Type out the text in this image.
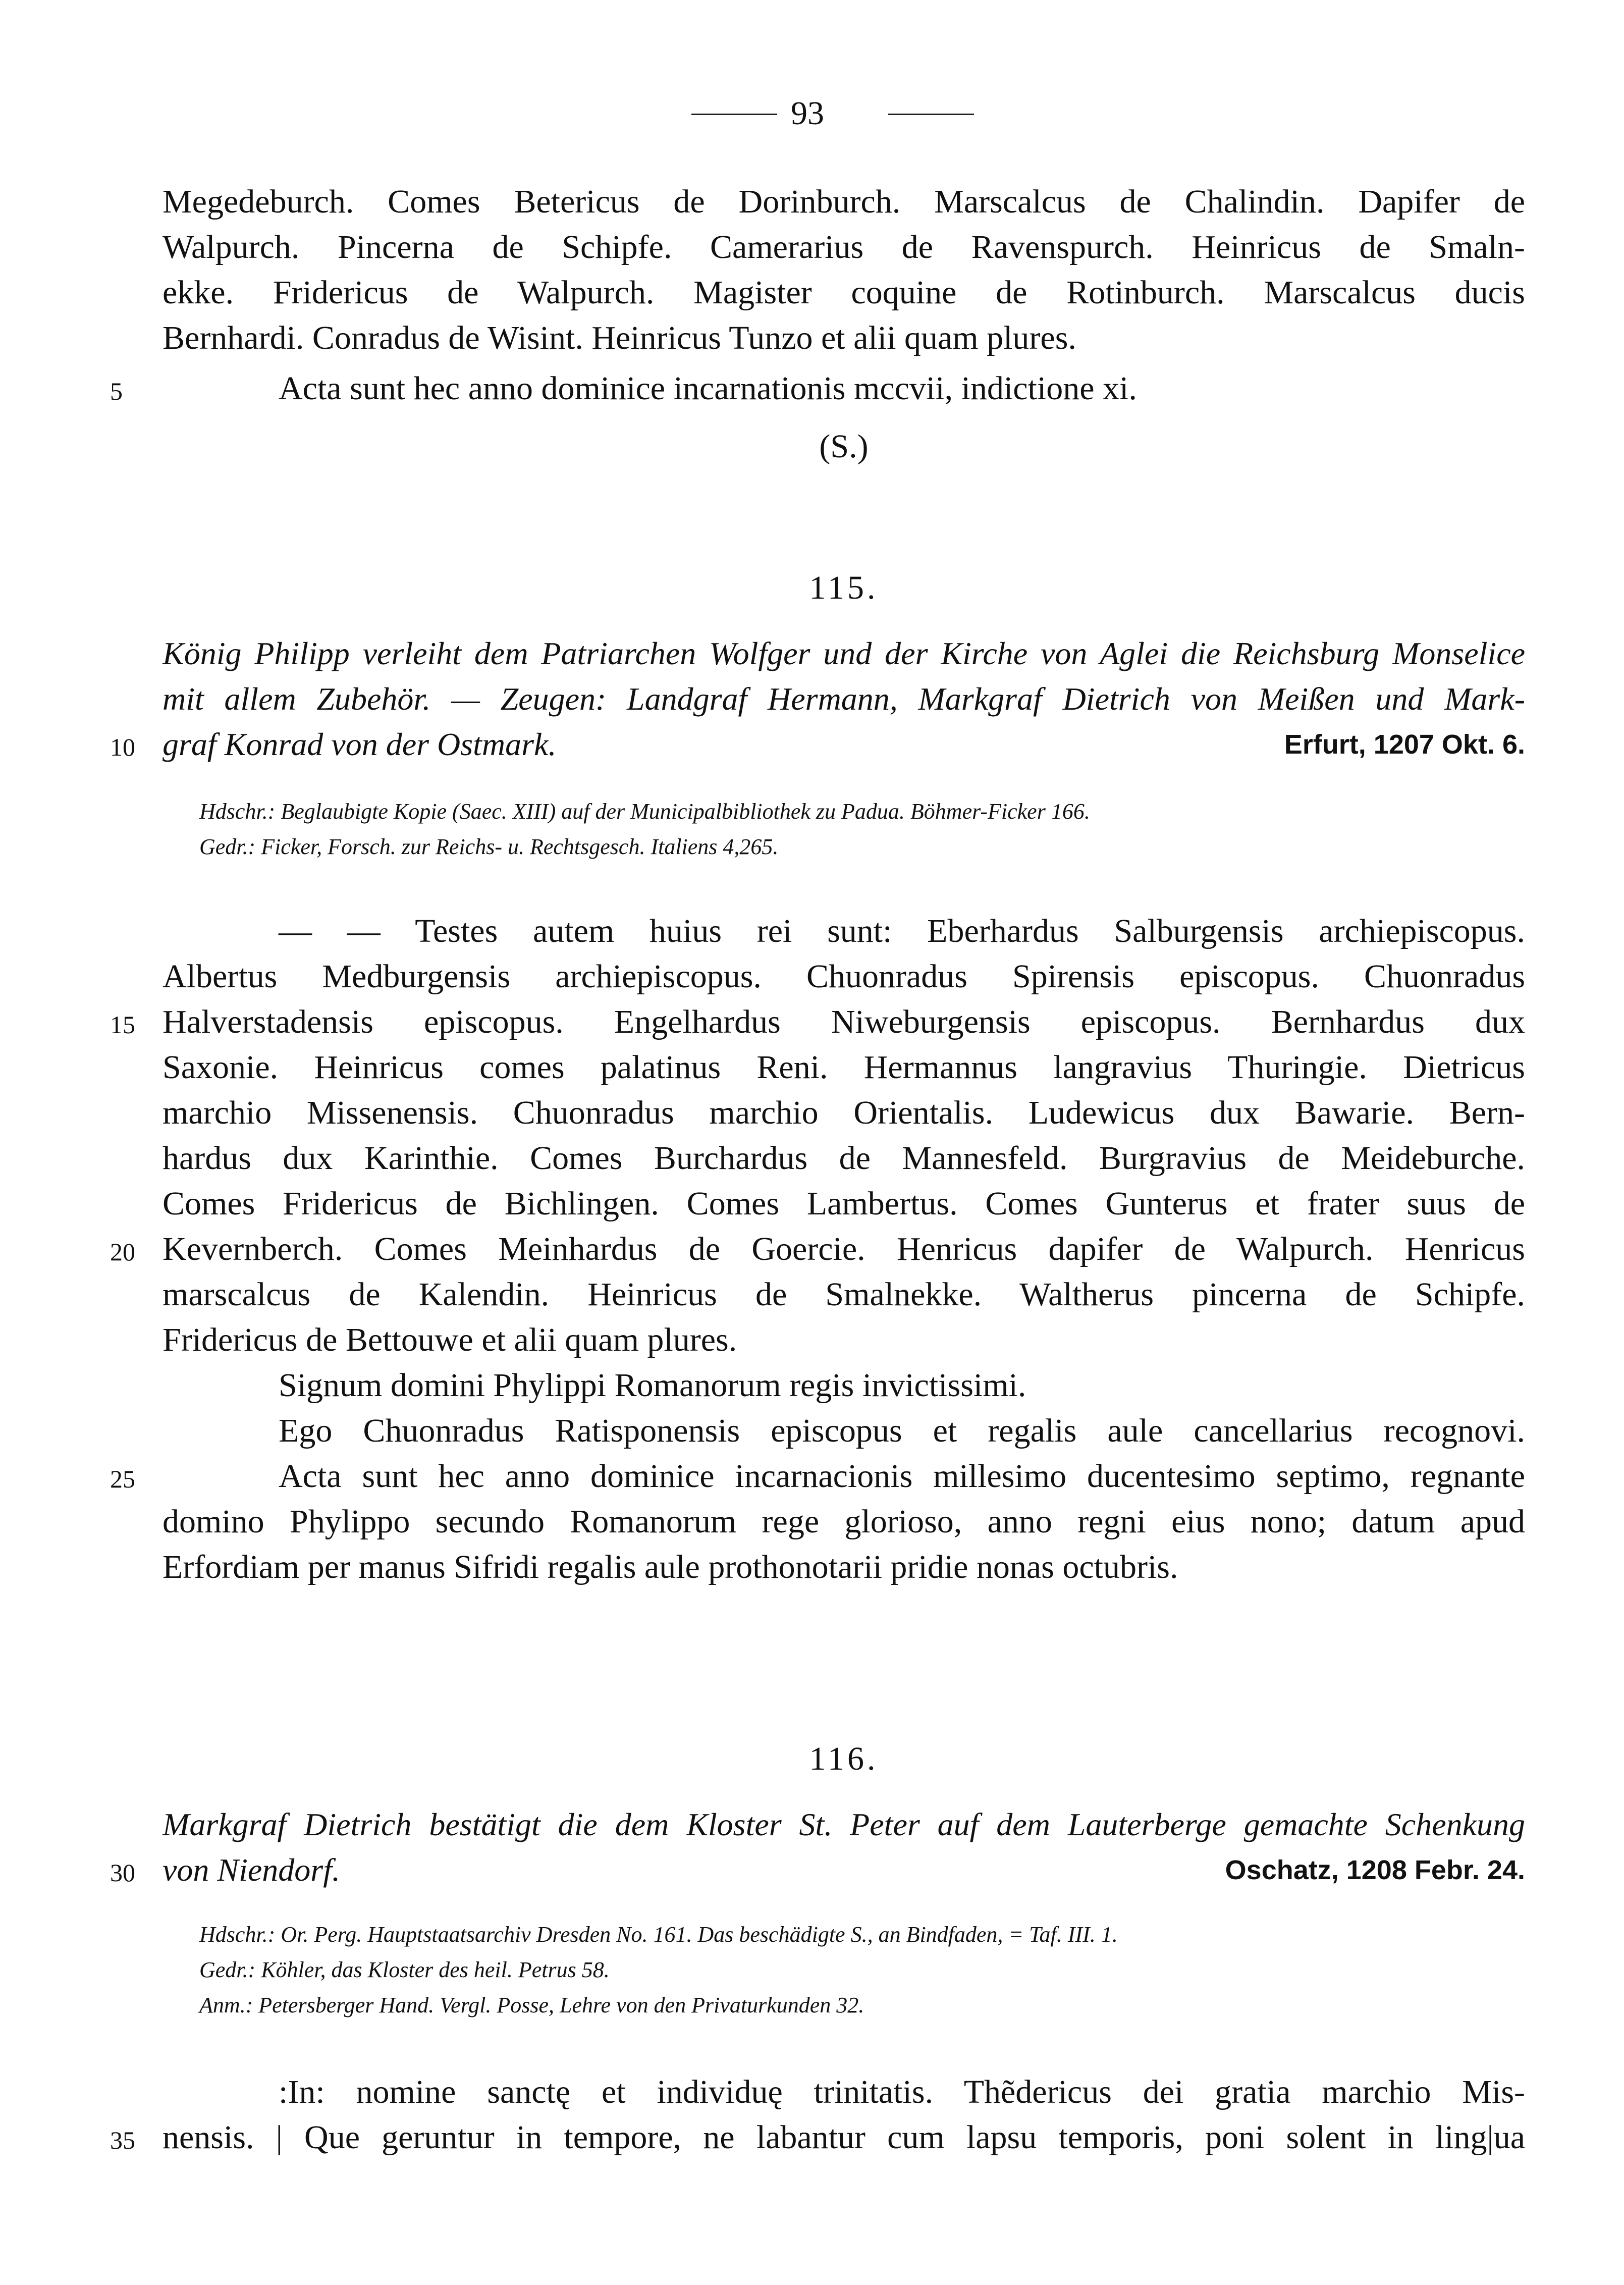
93
Megedeburch. Comes Betericus de Dorinburch. Marscalcus de Chalindin. Dapifer de
Walpurch. Pincerna de Schipfe. Camerarius de Ravenspurch. Heinricus de Smaln-
ekke. Fridericus de Walpurch. Magister coquine de Rotinburch. Marscalcus ducis
Bernhardi. Conradus de Wisint. Heinricus Tunzo et alii quam plures.
5	Acta sunt hec anno dominice incarnationis mccvii, indictione xi.
(S.)
115.
König Philipp verleiht dem Patriarchen Wolfger und der Kirche von Aglei die Reichsburg Monselice
mit allem Zubehör. — Zeugen: Landgraf Hermann, Markgraf Dietrich von Meißen und Mark-
10 graf Konrad von der Ostmark.	Erfurt, 1207 Okt. 6.
Hdschr.: Beglaubigte Kopie (Saec. XIII) auf der Municipalbibliothek zu Padua. Böhmer-Ficker 166.
Gedr.: Ficker, Forsch. zur Reichs- u. Rechtsgesch. Italiens 4,265.
— — Testes autem huius rei sunt: Eberhardus Salburgensis archiepiscopus.
Albertus Medburgensis archiepiscopus. Chuonradus Spirensis episcopus. Chuonradus
15 Halverstadensis episcopus. Engelhardus Niweburgensis episcopus. Bernhardus dux
Saxonie. Heinricus comes palatinus Reni. Hermannus langravius Thuringie. Dietricus
marchio Missenensis. Chuonradus marchio Orientalis. Ludewicus dux Bawarie. Bern-
hardus dux Karinthie. Comes Burchardus de Mannesfeld. Burgravius de Meideburche.
Comes Fridericus de Bichlingen. Comes Lambertus. Comes Gunterus et frater suus de
20 Kevernberch. Comes Meinhardus de Goercie. Henricus dapifer de Walpurch. Henricus
marscalcus de Kalendin. Heinricus de Smalnekke. Waltherus pincerna de Schipfe.
Fridericus de Bettouwe et alii quam plures.
Signum domini Phylippi Romanorum regis invictissimi.
Ego Chuonradus Ratisponensis episcopus et regalis aule cancellarius recognovi.
25	Acta sunt hec anno dominice incarnacionis millesimo ducentesimo septimo, regnante
domino Phylippo secundo Romanorum rege glorioso, anno regni eius nono; datum apud
Erfordiam per manus Sifridi regalis aule prothonotarii pridie nonas octubris.
116.
Markgraf Dietrich bestätigt die dem Kloster St. Peter auf dem Lauterberge gemachte Schenkung
30 von Niendorf.	Oschatz, 1208 Febr. 24.
Hdschr.: Or. Perg. Hauptstaatsarchiv Dresden No. 161. Das beschädigte S., an Bindfaden, = Taf. III. 1.
Gedr.: Köhler, das Kloster des heil. Petrus 58.
Anm.: Petersberger Hand. Vergl. Posse, Lehre von den Privaturkunden 32.
:In: nomine sanctę et individuę trinitatis. Thẽdericus dei gratia marchio Mis-
35 nensis. | Que geruntur in tempore, ne labantur cum lapsu temporis, poni solent in ling|ua
